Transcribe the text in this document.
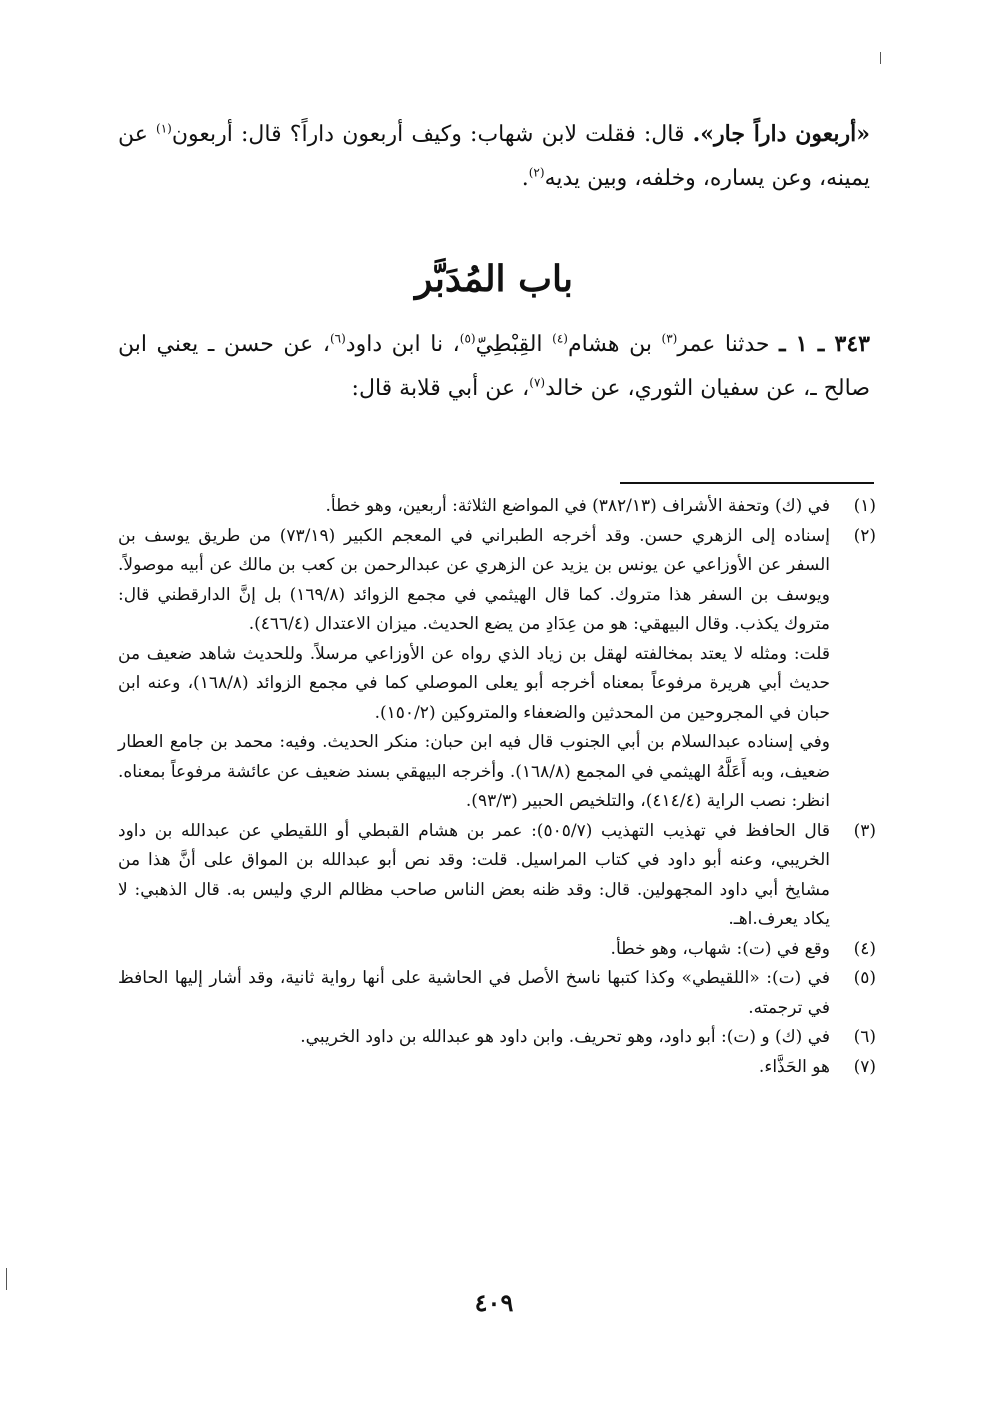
«أربعون داراً جار». قال: فقلت لابن شهاب: وكيف أربعون داراً؟ قال: أربعون$^{(١)}$ عن يمينه، وعن يساره، وخلفه، وبين يديه$^{(٢)}$.

باب المُدَبَّر

٣٤٣ ـ ١ ـ حدثنا عمر$^{(٣)}$ بن هشام$^{(٤)}$ القِبْطِيّ$^{(٥)}$، نا ابن داود$^{(٦)}$، عن حسن ـ يعني ابن صالح ـ، عن سفيان الثوري، عن خالد$^{(٧)}$، عن أبي قلابة قال:

(١)

في (ك) وتحفة الأشراف (٣٨٢/١٣) في المواضع الثلاثة: أربعين، وهو خطأ.

(٢)

إسناده إلى الزهري حسن. وقد أخرجه الطبراني في المعجم الكبير (٧٣/١٩) من طريق يوسف بن السفر عن الأوزاعي عن يونس بن يزيد عن الزهري عن عبدالرحمن بن كعب بن مالك عن أبيه موصولاً. ويوسف بن السفر هذا متروك. كما قال الهيثمي في مجمع الزوائد (١٦٩/٨) بل إنَّ الدارقطني قال: متروك يكذب. وقال البيهقي: هو من عِدَادِ من يضع الحديث. ميزان الاعتدال (٤٦٦/٤).

قلت: ومثله لا يعتد بمخالفته لهقل بن زياد الذي رواه عن الأوزاعي مرسلاً. وللحديث شاهد ضعيف من حديث أبي هريرة مرفوعاً بمعناه أخرجه أبو يعلى الموصلي كما في مجمع الزوائد (١٦٨/٨)، وعنه ابن حبان في المجروحين من المحدثين والضعفاء والمتروكين (١٥٠/٢).

وفي إسناده عبدالسلام بن أبي الجنوب قال فيه ابن حبان: منكر الحديث. وفيه: محمد بن جامع العطار ضعيف، وبه أَعَلَّهُ الهيثمي في المجمع (١٦٨/٨). وأخرجه البيهقي بسند ضعيف عن عائشة مرفوعاً بمعناه. انظر: نصب الراية (٤١٤/٤)، والتلخيص الحبير (٩٣/٣).

(٣)

قال الحافظ في تهذيب التهذيب (٥٠٥/٧): عمر بن هشام القبطي أو اللقيطي عن عبدالله بن داود الخريبي، وعنه أبو داود في كتاب المراسيل. قلت: وقد نص أبو عبدالله بن المواق على أنَّ هذا من مشايخ أبي داود المجهولين. قال: وقد ظنه بعض الناس صاحب مظالم الري وليس به. قال الذهبي: لا يكاد يعرف.اهـ.

(٤)

وقع في (ت): شهاب، وهو خطأ.

(٥)

في (ت): «اللقيطي» وكذا كتبها ناسخ الأصل في الحاشية على أنها رواية ثانية، وقد أشار إليها الحافظ في ترجمته.

(٦)

في (ك) و (ت): أبو داود، وهو تحريف. وابن داود هو عبدالله بن داود الخريبي.

(٧)

هو الحَذَّاء.

٤٠٩
